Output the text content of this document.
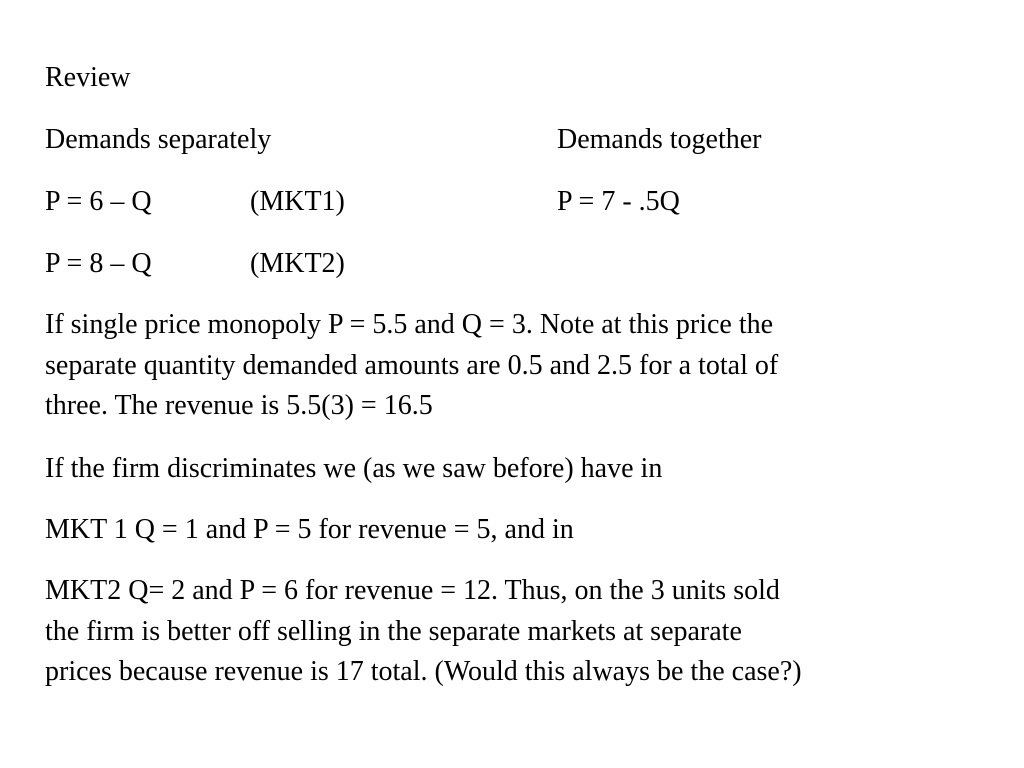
Review
Demands separately	Demands together
P = 6 – Q	(MKT1)	P = 7 - .5Q
P = 8 – Q	(MKT2)
If single price monopoly P = 5.5 and Q = 3. Note at this price the
separate quantity demanded amounts are 0.5 and 2.5 for a total of
three. The revenue is 5.5(3) = 16.5
If the firm discriminates we (as we saw before) have in
MKT 1 Q = 1 and P = 5 for revenue = 5, and in
MKT2 Q= 2 and P = 6 for revenue = 12. Thus, on the 3 units sold
the firm is better off selling in the separate markets at separate
prices because revenue is 17 total. (Would this always be the case?)
